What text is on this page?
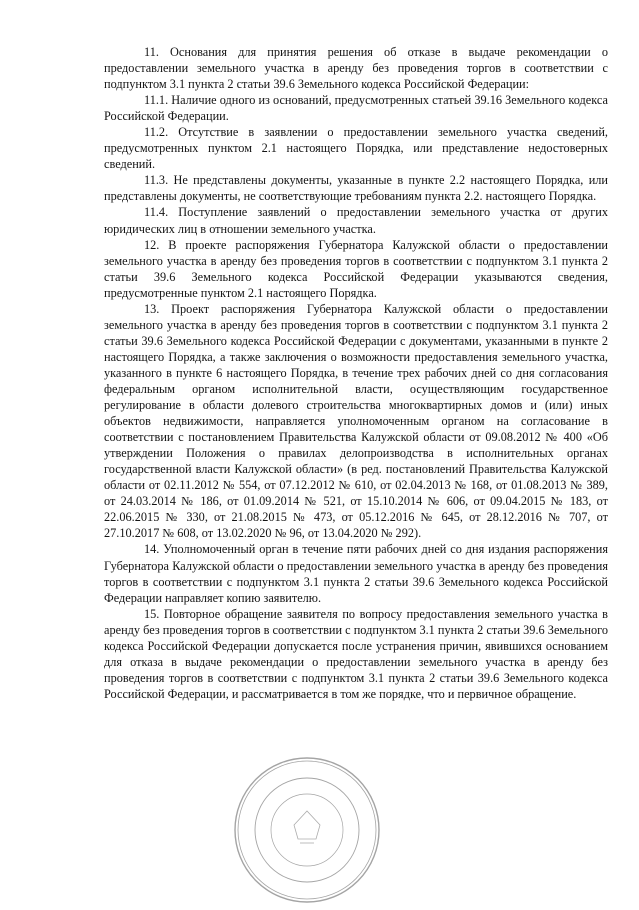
11. Основания для принятия решения об отказе в выдаче рекомендации о предоставлении земельного участка в аренду без проведения торгов в соответствии с подпунктом 3.1 пункта 2 статьи 39.6 Земельного кодекса Российской Федерации:

11.1. Наличие одного из оснований, предусмотренных статьей 39.16 Земельного кодекса Российской Федерации.

11.2. Отсутствие в заявлении о предоставлении земельного участка сведений, предусмотренных пунктом 2.1 настоящего Порядка, или представление недостоверных сведений.

11.3. Не представлены документы, указанные в пункте 2.2 настоящего Порядка, или представлены документы, не соответствующие требованиям пункта 2.2. настоящего Порядка.

11.4. Поступление заявлений о предоставлении земельного участка от других юридических лиц в отношении земельного участка.

12. В проекте распоряжения Губернатора Калужской области о предоставлении земельного участка в аренду без проведения торгов в соответствии с подпунктом 3.1 пункта 2 статьи 39.6 Земельного кодекса Российской Федерации указываются сведения, предусмотренные пунктом 2.1 настоящего Порядка.

13. Проект распоряжения Губернатора Калужской области о предоставлении земельного участка в аренду без проведения торгов в соответствии с подпунктом 3.1 пункта 2 статьи 39.6 Земельного кодекса Российской Федерации с документами, указанными в пункте 2 настоящего Порядка, а также заключения о возможности предоставления земельного участка, указанного в пункте 6 настоящего Порядка, в течение трех рабочих дней со дня согласования федеральным органом исполнительной власти, осуществляющим государственное регулирование в области долевого строительства многоквартирных домов и (или) иных объектов недвижимости, направляется уполномоченным органом на согласование в соответствии с постановлением Правительства Калужской области от 09.08.2012 № 400 «Об утверждении Положения о правилах делопроизводства в исполнительных органах государственной власти Калужской области» (в ред. постановлений Правительства Калужской области от 02.11.2012 № 554, от 07.12.2012 № 610, от 02.04.2013 № 168, от 01.08.2013 № 389, от 24.03.2014 № 186, от 01.09.2014 № 521, от 15.10.2014 № 606, от 09.04.2015 № 183, от 22.06.2015 № 330, от 21.08.2015 № 473, от 05.12.2016 № 645, от 28.12.2016 № 707, от 27.10.2017 № 608, от 13.02.2020 № 96, от 13.04.2020 № 292).

14. Уполномоченный орган в течение пяти рабочих дней со дня издания распоряжения Губернатора Калужской области о предоставлении земельного участка в аренду без проведения торгов в соответствии с подпунктом 3.1 пункта 2 статьи 39.6 Земельного кодекса Российской Федерации направляет копию заявителю.

15. Повторное обращение заявителя по вопросу предоставления земельного участка в аренду без проведения торгов в соответствии с подпунктом 3.1 пункта 2 статьи 39.6 Земельного кодекса Российской Федерации допускается после устранения причин, явившихся основанием для отказа в выдаче рекомендации о предоставлении земельного участка в аренду без проведения торгов в соответствии с подпунктом 3.1 пункта 2 статьи 39.6 Земельного кодекса Российской Федерации, и рассматривается в том же порядке, что и первичное обращение.
